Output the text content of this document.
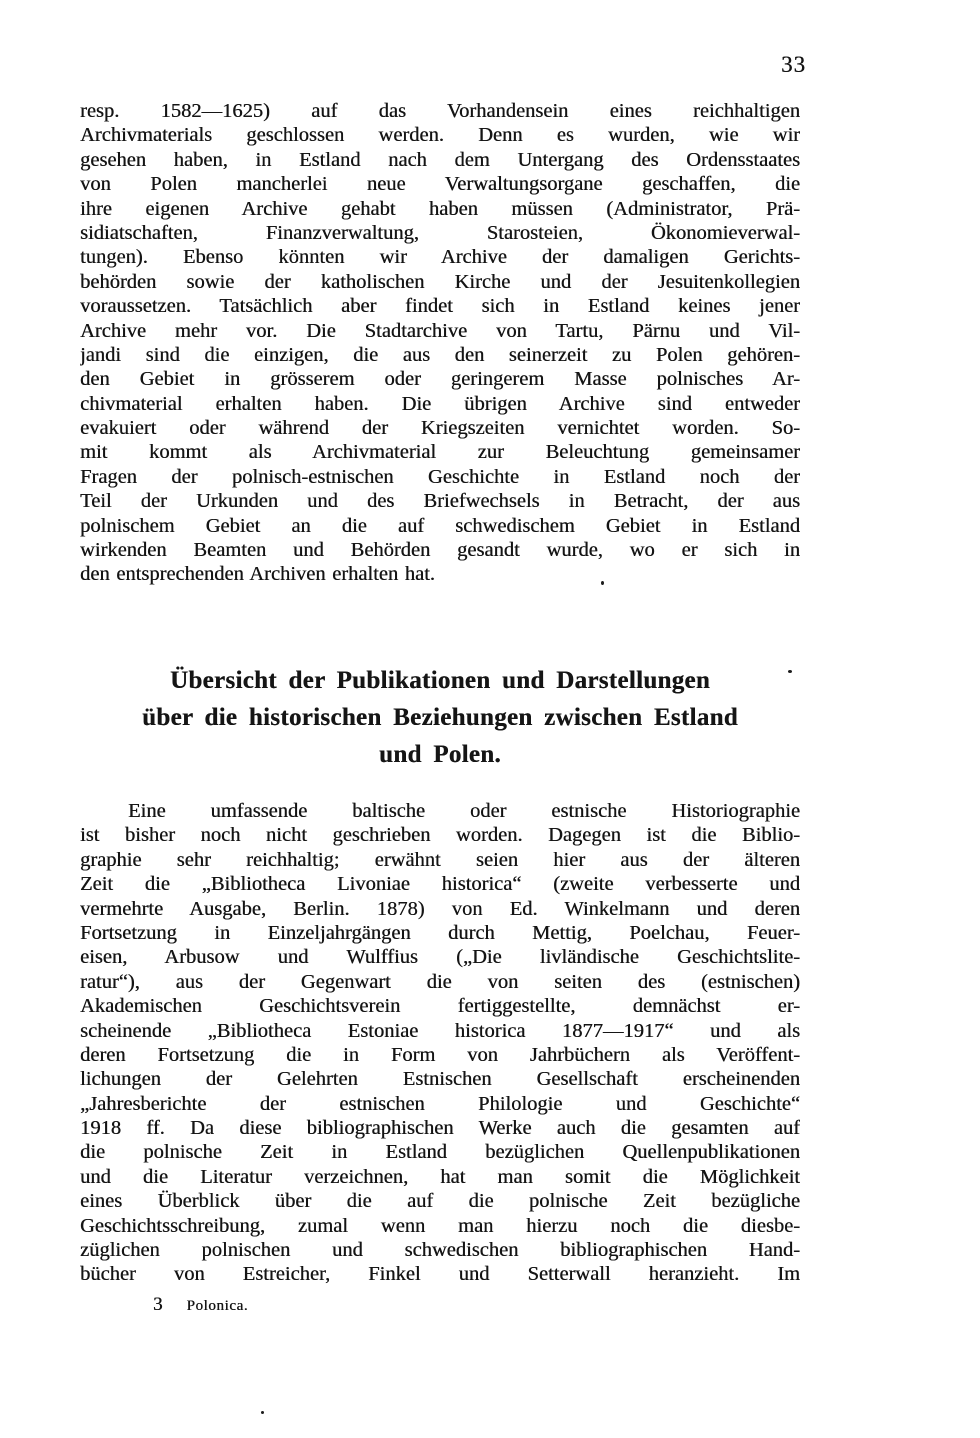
33
resp. 1582—1625) auf das Vorhandensein eines reichhaltigen
Archivmaterials geschlossen werden. Denn es wurden, wie wir
gesehen haben, in Estland nach dem Untergang des Ordensstaates
von Polen mancherlei neue Verwaltungsorgane geschaffen, die
ihre eigenen Archive gehabt haben müssen (Administrator, Prä-
sidiatschaften, Finanzverwaltung, Starosteien, Ökonomieverwal-
tungen). Ebenso könnten wir Archive der damaligen Gerichts-
behörden sowie der katholischen Kirche und der Jesuitenkollegien
voraussetzen. Tatsächlich aber findet sich in Estland keines jener
Archive mehr vor. Die Stadtarchive von Tartu, Pärnu und Vil-
jandi sind die einzigen, die aus den seinerzeit zu Polen gehören-
den Gebiet in grösserem oder geringerem Masse polnisches Ar-
chivmaterial erhalten haben. Die übrigen Archive sind entweder
evakuiert oder während der Kriegszeiten vernichtet worden. So-
mit kommt als Archivmaterial zur Beleuchtung gemeinsamer
Fragen der polnisch-estnischen Geschichte in Estland noch der
Teil der Urkunden und des Briefwechsels in Betracht, der aus
polnischem Gebiet an die auf schwedischem Gebiet in Estland
wirkenden Beamten und Behörden gesandt wurde, wo er sich in
den entsprechenden Archiven erhalten hat.
Übersicht der Publikationen und Darstellungen
über die historischen Beziehungen zwischen Estland
und Polen.
Eine umfassende baltische oder estnische Historiographie
ist bisher noch nicht geschrieben worden. Dagegen ist die Biblio-
graphie sehr reichhaltig; erwähnt seien hier aus der älteren
Zeit die „Bibliotheca Livoniae historica“ (zweite verbesserte und
vermehrte Ausgabe, Berlin. 1878) von Ed. Winkelmann und deren
Fortsetzung in Einzeljahrgängen durch Mettig, Poelchau, Feuer-
eisen, Arbusow und Wulffius („Die livländische Geschichtslite-
ratur“), aus der Gegenwart die von seiten des (estnischen)
Akademischen Geschichtsverein fertiggestellte, demnächst er-
scheinende „Bibliotheca Estoniae historica 1877—1917“ und als
deren Fortsetzung die in Form von Jahrbüchern als Veröffent-
lichungen der Gelehrten Estnischen Gesellschaft erscheinenden
„Jahresberichte der estnischen Philologie und Geschichte“
1918 ff. Da diese bibliographischen Werke auch die gesamten auf
die polnische Zeit in Estland bezüglichen Quellenpublikationen
und die Literatur verzeichnen, hat man somit die Möglichkeit
eines Überblick über die auf die polnische Zeit bezügliche
Geschichtsschreibung, zumal wenn man hierzu noch die diesbe-
züglichen polnischen und schwedischen bibliographischen Hand-
bücher von Estreicher, Finkel und Setterwall heranzieht. Im
3 Polonica.
